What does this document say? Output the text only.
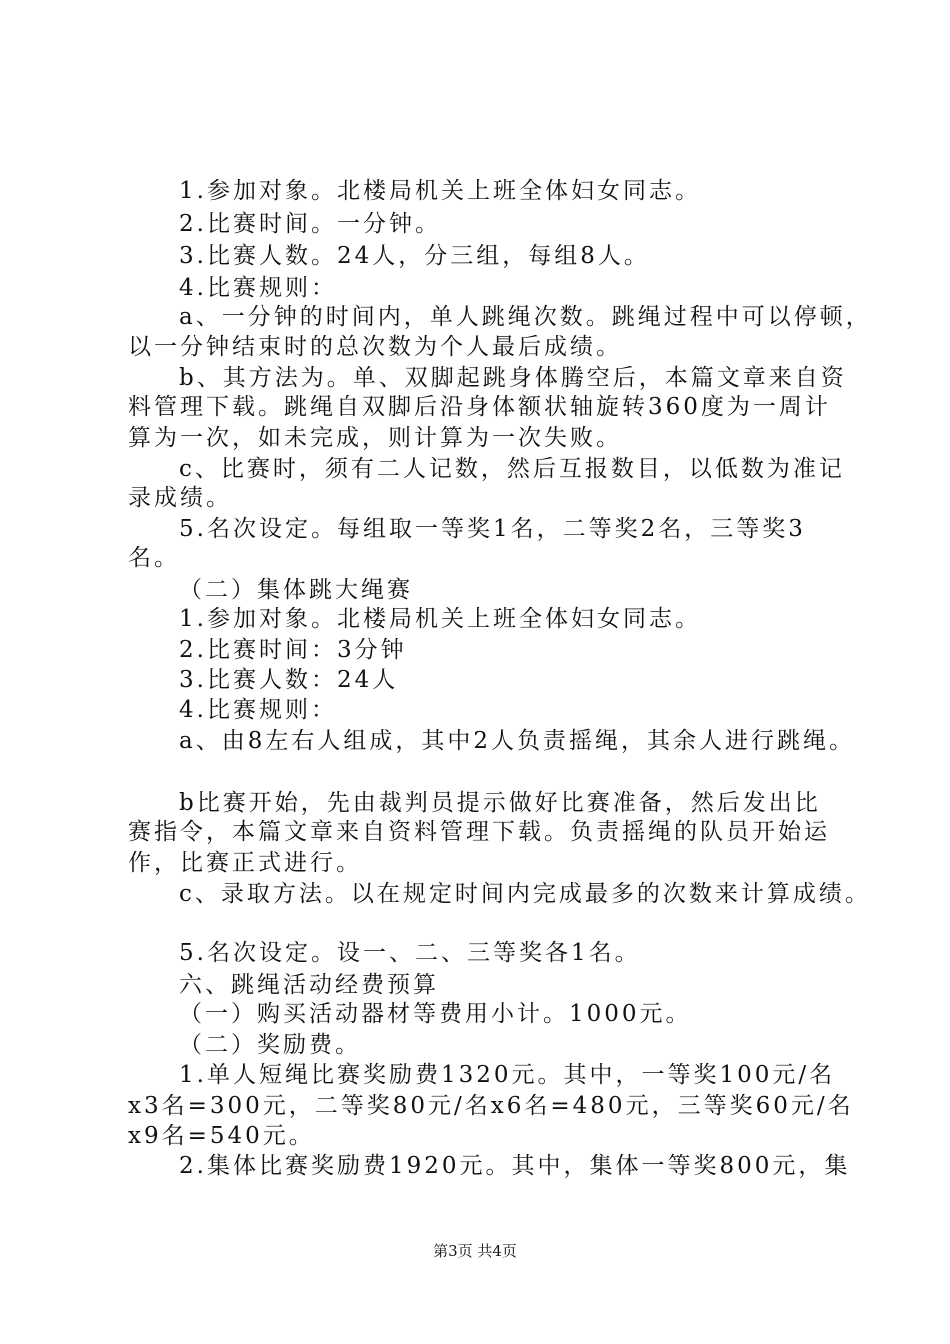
1.参加对象。北楼局机关上班全体妇女同志。
2.比赛时间。一分钟。
3.比赛人数。24人，分三组，每组8人。
4.比赛规则：
a、一分钟的时间内，单人跳绳次数。跳绳过程中可以停顿，
以一分钟结束时的总次数为个人最后成绩。
b、其方法为。单、双脚起跳身体腾空后，本篇文章来自资
料管理下载。跳绳自双脚后沿身体额状轴旋转360度为一周计
算为一次，如未完成，则计算为一次失败。
c、比赛时，须有二人记数，然后互报数目，以低数为准记
录成绩。
5.名次设定。每组取一等奖1名，二等奖2名，三等奖3
名。
（二）集体跳大绳赛
1.参加对象。北楼局机关上班全体妇女同志。
2.比赛时间：3分钟
3.比赛人数：24人
4.比赛规则：
a、由8左右人组成，其中2人负责摇绳，其余人进行跳绳。
b比赛开始，先由裁判员提示做好比赛准备，然后发出比
赛指令，本篇文章来自资料管理下载。负责摇绳的队员开始运
作，比赛正式进行。
c、录取方法。以在规定时间内完成最多的次数来计算成绩。
5.名次设定。设一、二、三等奖各1名。
六、跳绳活动经费预算
（一）购买活动器材等费用小计。1000元。
（二）奖励费。
1.单人短绳比赛奖励费1320元。其中，一等奖100元/名
x3名=300元，二等奖80元/名x6名=480元，三等奖60元/名
x9名=540元。
2.集体比赛奖励费1920元。其中，集体一等奖800元，集
第3页 共4页
